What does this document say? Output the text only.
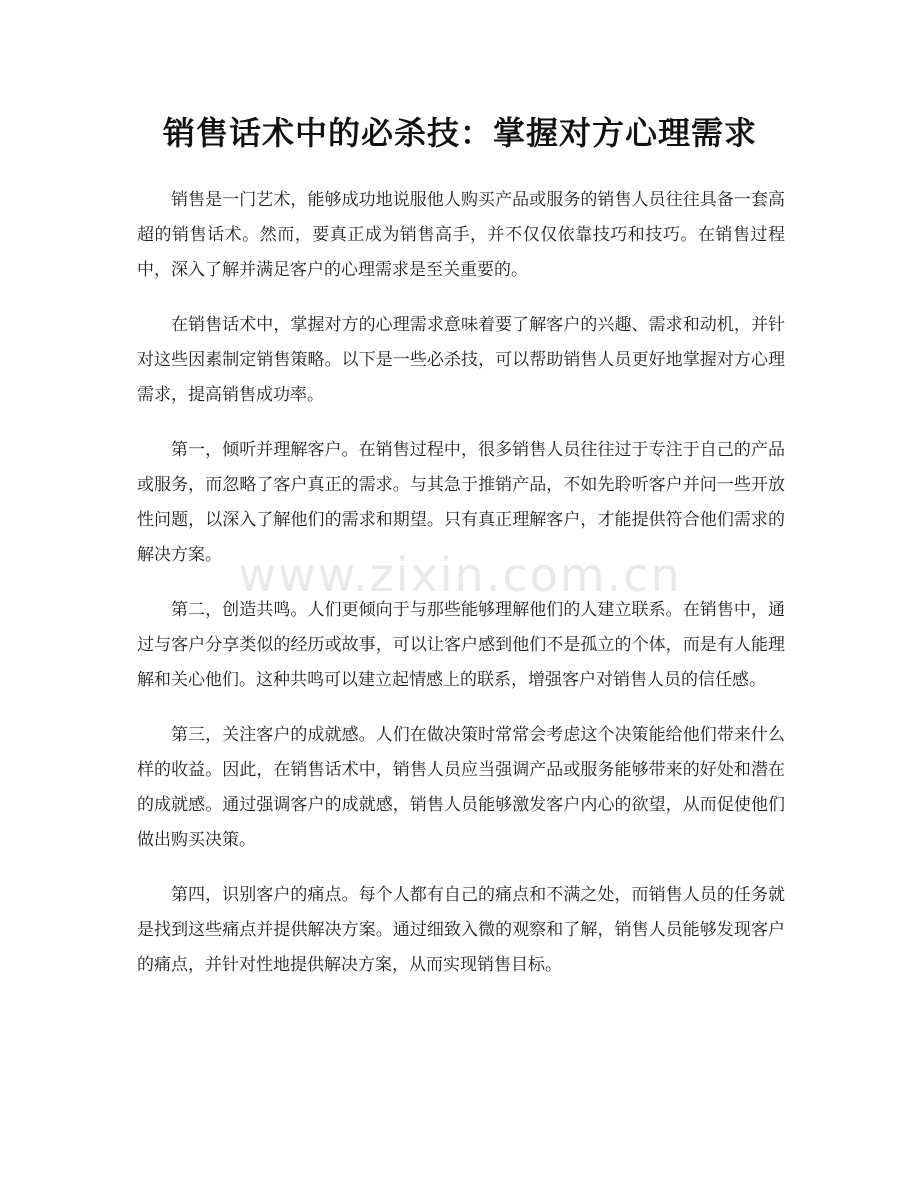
销售话术中的必杀技：掌握对方心理需求

销售是一门艺术，能够成功地说服他人购买产品或服务的销售人员往往具备一套高超的销售话术。然而，要真正成为销售高手，并不仅仅依靠技巧和技巧。在销售过程中，深入了解并满足客户的心理需求是至关重要的。

在销售话术中，掌握对方的心理需求意味着要了解客户的兴趣、需求和动机，并针对这些因素制定销售策略。以下是一些必杀技，可以帮助销售人员更好地掌握对方心理需求，提高销售成功率。

第一，倾听并理解客户。在销售过程中，很多销售人员往往过于专注于自己的产品或服务，而忽略了客户真正的需求。与其急于推销产品，不如先聆听客户并问一些开放性问题，以深入了解他们的需求和期望。只有真正理解客户，才能提供符合他们需求的解决方案。

第二，创造共鸣。人们更倾向于与那些能够理解他们的人建立联系。在销售中，通过与客户分享类似的经历或故事，可以让客户感到他们不是孤立的个体，而是有人能理解和关心他们。这种共鸣可以建立起情感上的联系，增强客户对销售人员的信任感。

第三，关注客户的成就感。人们在做决策时常常会考虑这个决策能给他们带来什么样的收益。因此，在销售话术中，销售人员应当强调产品或服务能够带来的好处和潜在的成就感。通过强调客户的成就感，销售人员能够激发客户内心的欲望，从而促使他们做出购买决策。

第四，识别客户的痛点。每个人都有自己的痛点和不满之处，而销售人员的任务就是找到这些痛点并提供解决方案。通过细致入微的观察和了解，销售人员能够发现客户的痛点，并针对性地提供解决方案，从而实现销售目标。

www.zixin.com.cn
